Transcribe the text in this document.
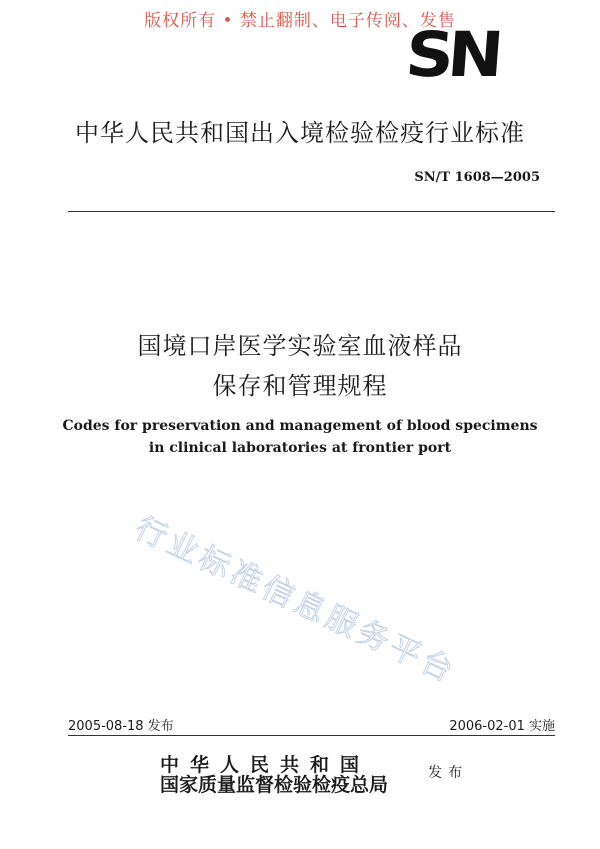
版权所有 • 禁止翻制、电子传阅、发售
SN
中华人民共和国出入境检验检疫行业标准
SN/T 1608—2005
国境口岸医学实验室血液样品
保存和管理规程
Codes for preservation and management of blood specimens
in clinical laboratories at frontier port
行业标准信息服务平台
2005-08-18 发布	2006-02-01 实施
中华人民共和国
国家质量监督检验检疫总局
发布
